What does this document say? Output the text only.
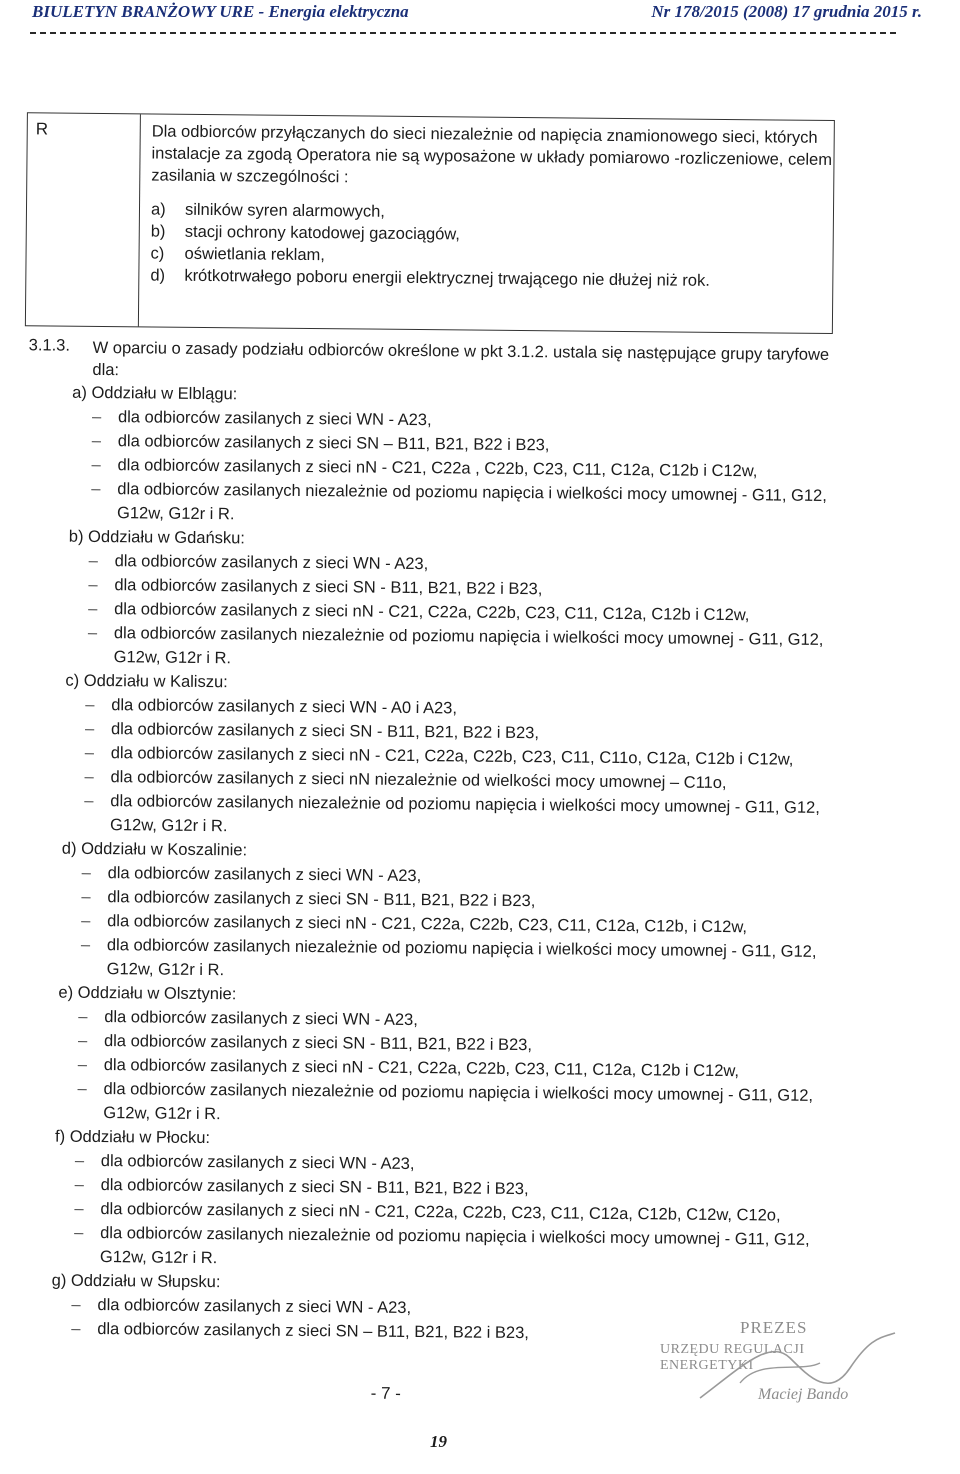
BIULETYN BRANŻOWY URE - Energia elektryczna	Nr 178/2015 (2008) 17 grudnia 2015 r.
R	Dla odbiorców przyłączanych do sieci niezależnie od napięcia znamionowego sieci, których
instalacje za zgodą Operatora nie są wyposażone w układy pomiarowo -rozliczeniowe, celem
zasilania w szczególności :
a) silników syren alarmowych,
b) stacji ochrony katodowej gazociągów,
c) oświetlania reklam,
d) krótkotrwałego poboru energii elektrycznej trwającego nie dłużej niż rok.
3.1.3.	W oparciu o zasady podziału odbiorców określone w pkt 3.1.2. ustala się następujące grupy taryfowe
dla:
a) Oddziału w Elblągu:
–	dla odbiorców zasilanych z sieci WN - A23,
–	dla odbiorców zasilanych z sieci SN – B11, B21, B22 i B23,
–	dla odbiorców zasilanych z sieci nN - C21, C22a , C22b, C23, C11, C12a, C12b i C12w,
–	dla odbiorców zasilanych niezależnie od poziomu napięcia i wielkości mocy umownej - G11, G12, G12w, G12r i R.
b) Oddziału w Gdańsku:
–	dla odbiorców zasilanych z sieci WN - A23,
–	dla odbiorców zasilanych z sieci SN - B11, B21, B22 i B23,
–	dla odbiorców zasilanych z sieci nN - C21, C22a, C22b, C23, C11, C12a, C12b i C12w,
–	dla odbiorców zasilanych niezależnie od poziomu napięcia i wielkości mocy umownej - G11, G12, G12w, G12r i R.
c) Oddziału w Kaliszu:
–	dla odbiorców zasilanych z sieci WN - A0 i A23,
–	dla odbiorców zasilanych z sieci SN - B11, B21, B22 i B23,
–	dla odbiorców zasilanych z sieci nN - C21, C22a, C22b, C23, C11, C11o, C12a, C12b i C12w,
–	dla odbiorców zasilanych z sieci nN niezależnie od wielkości mocy umownej – C11o,
–	dla odbiorców zasilanych niezależnie od poziomu napięcia i wielkości mocy umownej - G11, G12, G12w, G12r i R.
d) Oddziału w Koszalinie:
–	dla odbiorców zasilanych z sieci WN - A23,
–	dla odbiorców zasilanych z sieci SN - B11, B21, B22 i B23,
–	dla odbiorców zasilanych z sieci nN - C21, C22a, C22b, C23, C11, C12a, C12b, i C12w,
–	dla odbiorców zasilanych niezależnie od poziomu napięcia i wielkości mocy umownej - G11, G12, G12w, G12r i R.
e) Oddziału w Olsztynie:
–	dla odbiorców zasilanych z sieci WN - A23,
–	dla odbiorców zasilanych z sieci SN - B11, B21, B22 i B23,
–	dla odbiorców zasilanych z sieci nN - C21, C22a, C22b, C23, C11, C12a, C12b i C12w,
–	dla odbiorców zasilanych niezależnie od poziomu napięcia i wielkości mocy umownej - G11, G12, G12w, G12r i R.
f) Oddziału w Płocku:
–	dla odbiorców zasilanych z sieci WN - A23,
–	dla odbiorców zasilanych z sieci SN - B11, B21, B22 i B23,
–	dla odbiorców zasilanych z sieci nN - C21, C22a, C22b, C23, C11, C12a, C12b, C12w, C12o,
–	dla odbiorców zasilanych niezależnie od poziomu napięcia i wielkości mocy umownej - G11, G12, G12w, G12r i R.
g) Oddziału w Słupsku:
–	dla odbiorców zasilanych z sieci WN - A23,
–	dla odbiorców zasilanych z sieci SN – B11, B21, B22 i B23,
- 7 -
PREZES
URZĘDU REGULACJI ENERGETYKI
Maciej Bando
19
